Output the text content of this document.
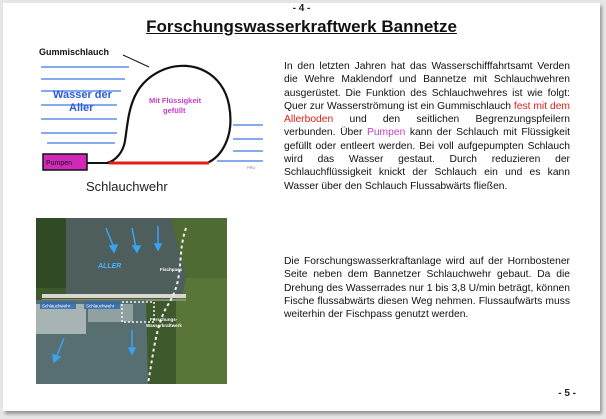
- 4 -
Forschungswasserkraftwerk Bannetze
PRU
Gummischlauch
Wasser der
Aller
Mit Flüssigkeit
gefüllt
Pumpen
Schlauchwehr
In den letzten Jahren hat das Wasserschifffahrtsamt Verden die Wehre Maklendorf und Bannetze mit Schlauchwehren ausgerüstet. Die Funktion des Schlauchwehres ist wie folgt: Quer zur Wasserströmung ist ein Gummischlauch fest mit dem Allerboden und den seitlichen Begrenzungspfeilern verbunden. Über Pumpen kann der Schlauch mit Flüssigkeit gefüllt oder entleert werden. Bei voll aufgepumpten Schlauch wird das Wasser gestaut. Durch reduzieren der Schlauchflüssigkeit knickt der Schlauch ein und es kann Wasser über den Schlauch Flussabwärts fließen.
ALLER	Fischpass
Schlauchwehr	Schlauchwehr
Forschungs-
Wasserkraftwerk
Die Forschungswasserkraftanlage wird auf der Hornbostener Seite neben dem Bannetzer Schlauchwehr gebaut. Da die Drehung des Wasserrades nur 1 bis 3,8 U/min beträgt, können Fische flussabwärts diesen Weg nehmen. Flussaufwärts muss weiterhin der Fischpass genutzt werden.
- 5 -
